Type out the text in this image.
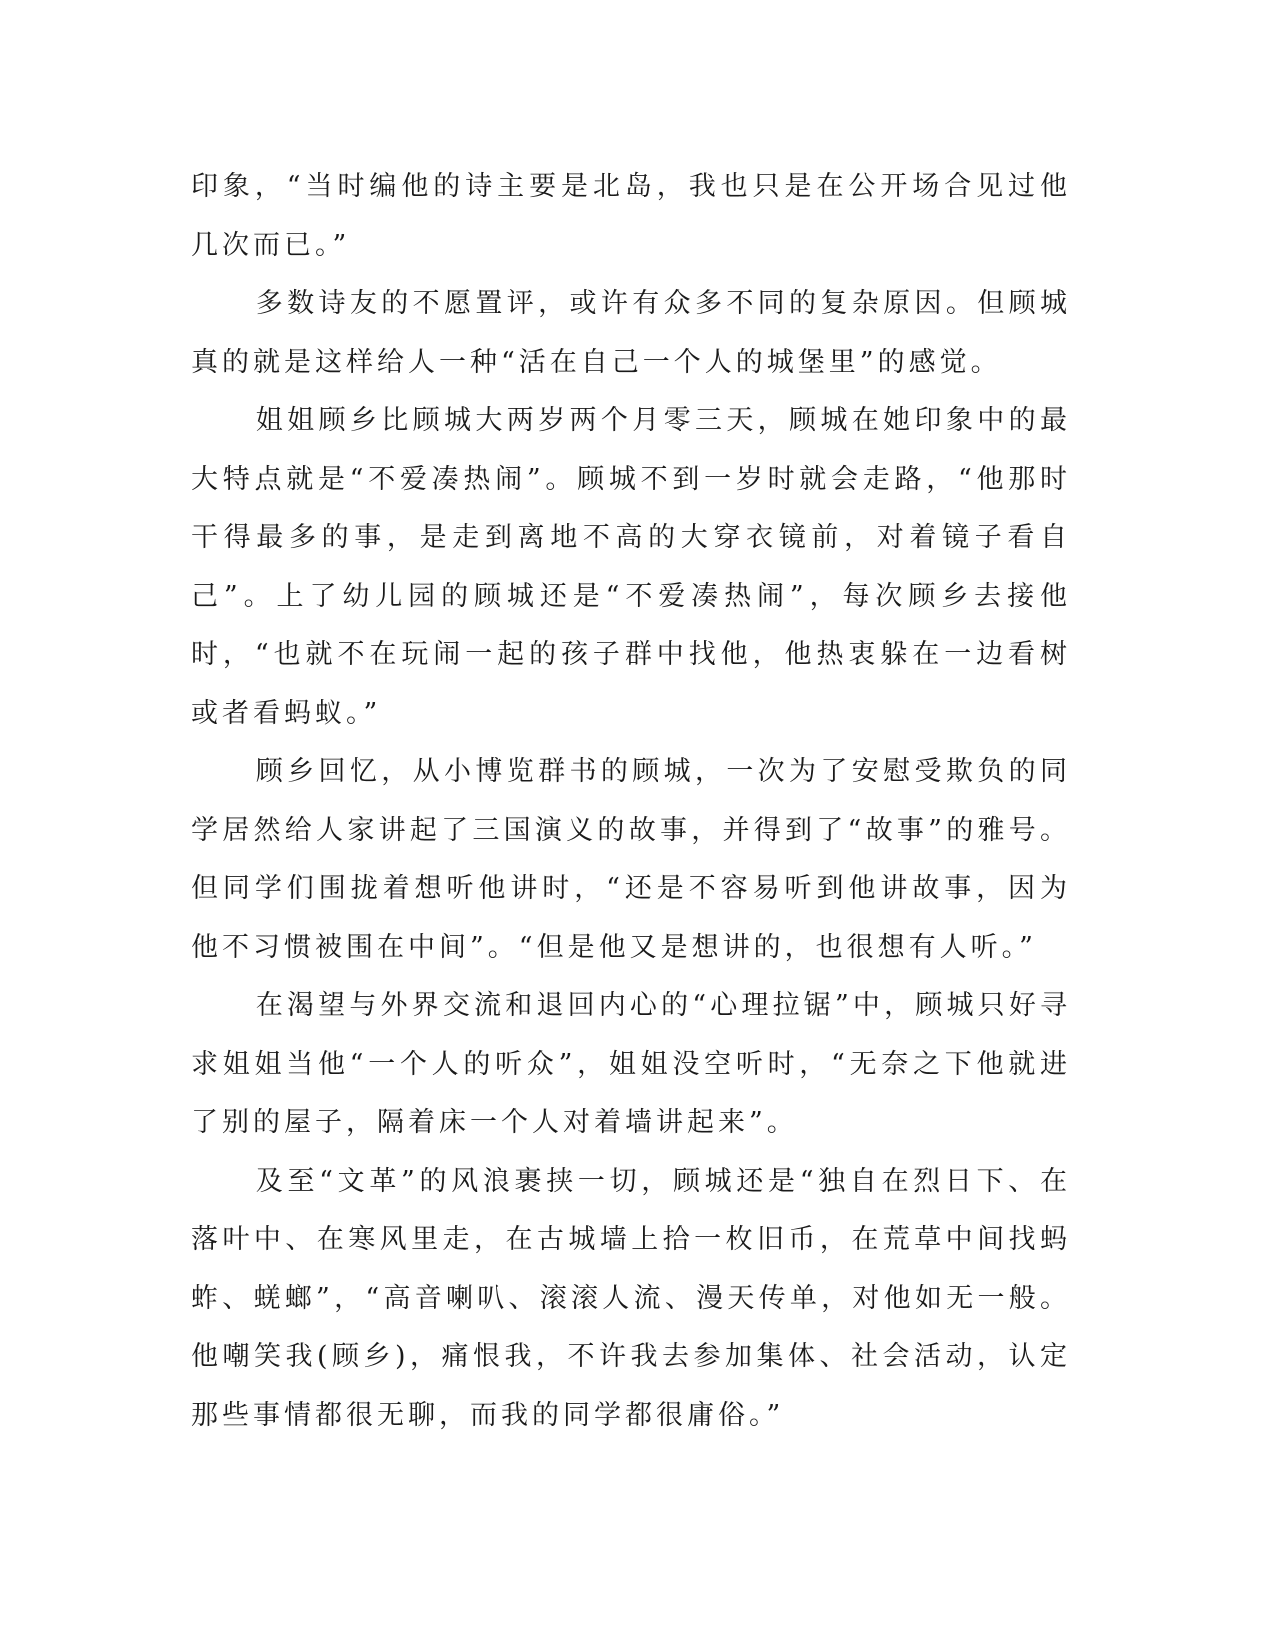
印象，“当时编他的诗主要是北岛，我也只是在公开场合见过他几次而已。”

多数诗友的不愿置评，或许有众多不同的复杂原因。但顾城真的就是这样给人一种“活在自己一个人的城堡里”的感觉。

姐姐顾乡比顾城大两岁两个月零三天，顾城在她印象中的最大特点就是“不爱凑热闹”。顾城不到一岁时就会走路，“他那时干得最多的事，是走到离地不高的大穿衣镜前，对着镜子看自己”。上了幼儿园的顾城还是“不爱凑热闹”，每次顾乡去接他时，“也就不在玩闹一起的孩子群中找他，他热衷躲在一边看树或者看蚂蚁。”

顾乡回忆，从小博览群书的顾城，一次为了安慰受欺负的同学居然给人家讲起了三国演义的故事，并得到了“故事”的雅号。但同学们围拢着想听他讲时，“还是不容易听到他讲故事，因为他不习惯被围在中间”。“但是他又是想讲的，也很想有人听。”

在渴望与外界交流和退回内心的“心理拉锯”中，顾城只好寻求姐姐当他“一个人的听众”，姐姐没空听时，“无奈之下他就进了别的屋子，隔着床一个人对着墙讲起来”。

及至“文革”的风浪裹挟一切，顾城还是“独自在烈日下、在落叶中、在寒风里走，在古城墙上拾一枚旧币，在荒草中间找蚂蚱、蜣螂”，“高音喇叭、滚滚人流、漫天传单，对他如无一般。他嘲笑我(顾乡)，痛恨我，不许我去参加集体、社会活动，认定那些事情都很无聊，而我的同学都很庸俗。”
